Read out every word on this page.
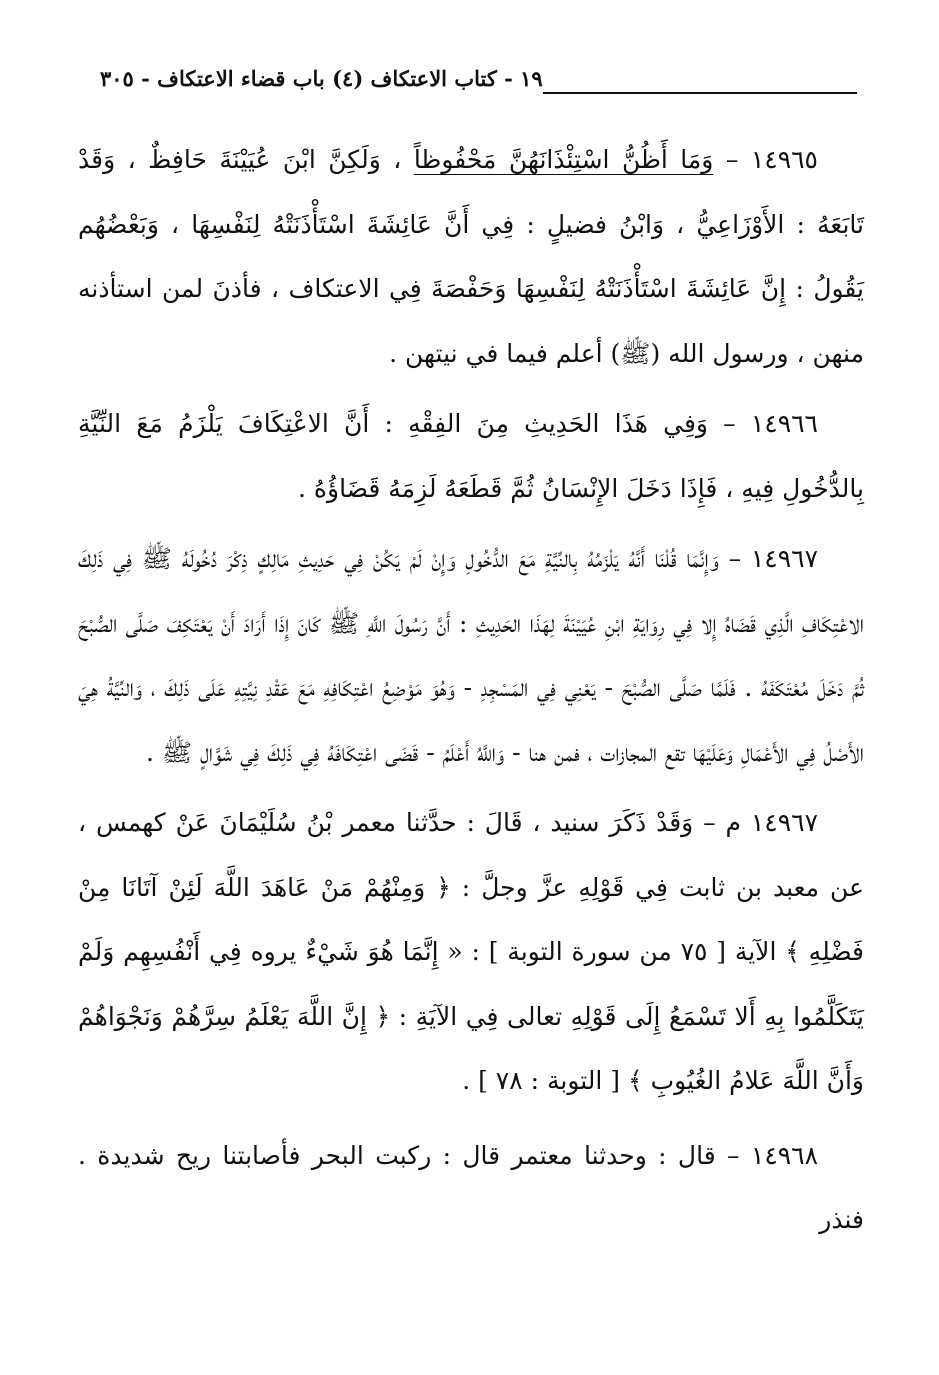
١٩ - كتاب الاعتكاف (٤) باب قضاء الاعتكاف - ٣٠٥

١٤٩٦٥ – وَمَا أَظُنُّ اسْتِئْذَانَهُنَّ مَحْفُوظاً ، وَلَكِنَّ ابْنَ عُيَيْنَةَ حَافِظٌ ، وَقَدْ تَابَعَهُ : الأَوْزَاعِيُّ ، وَابْنُ فضيلٍ : فِي أَنَّ عَائِشَةَ اسْتَأْذَنَتْهُ لِنَفْسِهَا ، وَبَعْضُهُم يَقُولُ : إِنَّ عَائِشَةَ اسْتَأْذَنَتْهُ لِنَفْسِهَا وَحَفْصَةَ فِي الاعتكاف ، فأذنَ لمن استأذنه منهن ، ورسول الله (ﷺ) أعلم فيما في نيتهن .

١٤٩٦٦ – وَفِي هَذَا الحَدِيثِ مِنَ الفِقْهِ : أَنَّ الاعْتِكَافَ يَلْزَمُ مَعَ النِّيَّةِ بِالدُّخُولِ فِيهِ ، فَإِذَا دَخَلَ الإِنْسَانُ ثُمَّ قَطَعَهُ لَزِمَهُ قَضَاؤُهُ .

١٤٩٦٧ – وَإِنَّمَا قُلْنَا أَنَّهُ يَلْزَمُهُ بِالنِّيَّةِ مَعَ الدُّخُولِ وَإِنْ لَمْ يَكُنْ فِي حَدِيثِ مَالِكٍ ذِكْرَ دُخُولَهُ ﷺ فِي ذَلِكَ الاعْتِكَافِ الَّذِي قَضَاهُ إِلا فِي رِوَايَةِ ابْنِ عُيَيْنَةَ لِهَذَا الحَدِيثِ : أَنَّ رَسُولَ اللَّهِ ﷺ كَانَ إِذَا أَرَادَ أَنْ يَعْتَكِفَ صَلَّى الصُّبْحَ ثُمَّ دَخَلَ مُعْتَكَفَهُ . فَلَمَّا صَلَّى الصُّبْحَ - يَعْنِي فِي المَسْجِدِ - وَهُوَ مَوْضِعُ اعْتِكَافِهِ مَعَ عَقْدِ نِيَّتِهِ عَلَى ذَلِكَ ، وَالنِّيَّةُ هِيَ الأَصْلُ فِي الأَعْمَالِ وَعَلَيْهَا تقع المجازات ، فمن هنا - وَاللَّهُ أَعْلَمُ - قَضَى اعْتِكَافَهُ فِي ذَلِكَ فِي شَوَّالٍ ﷺ .

١٤٩٦٧ م – وَقَدْ ذَكَرَ سنيد ، قَالَ : حدَّثنا معمر بْنُ سُلَيْمَانَ عَنْ كهمس ، عن معبد بن ثابت فِي قَوْلِهِ عزَّ وجلَّ : ﴿ وَمِنْهُمْ مَنْ عَاهَدَ اللَّهَ لَئِنْ آتَانَا مِنْ فَضْلِهِ ﴾ الآية [ ٧٥ من سورة التوبة ] : « إِنَّمَا هُوَ شَيْءٌ يروه فِي أَنْفُسِهِم وَلَمْ يَتَكَلَّمُوا بِهِ أَلا تَسْمَعُ إِلَى قَوْلِهِ تعالى فِي الآيَةِ : ﴿ إِنَّ اللَّهَ يَعْلَمُ سِرَّهُمْ وَنَجْوَاهُمْ وَأَنَّ اللَّهَ عَلامُ الغُيُوبِ ﴾ [ التوبة : ٧٨ ] .

١٤٩٦٨ – قال : وحدثنا معتمر قال : ركبت البحر فأصابتنا ريح شديدة . فنذر
